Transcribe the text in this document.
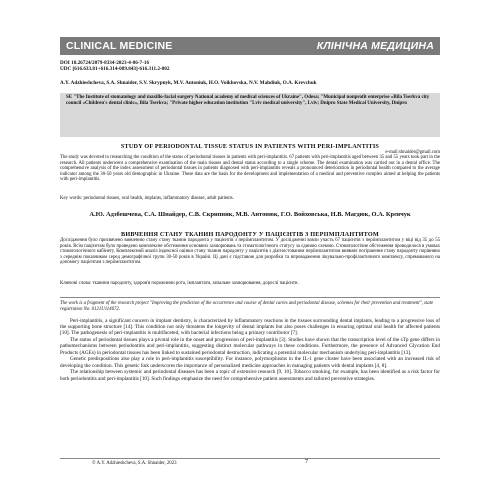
CLINICAL MEDICINE	КЛІНІЧНА МЕДИЦИНА
DOI 10.26724/2079-8334-2023-4-86-7-16
UDC [616.633.81+616.314-089.843]-616.311.2-002
A.Y. Adzhieshcheva, S.A. Shnaider, S.V. Skrypnyk, M.V. Antoniuk, H.O. Voikhovska, N.V. Mahdiuk, O.A. Krevchuk
SE "The Institute of stomatology and maxillo-facial surgery National academy of medical sciences of Ukraine", Odesa; "Municipal nonprofit enterprise «Bila Tserkva city council «Children's dental clinic», Bila Tserkva; "Private higher education institution "Lviv medical university", Lviv; Dnipro State Medical University, Dnipro
STUDY OF PERIODONTAL TISSUE STATUS IN PATIENTS WITH PERI-IMPLANTITIS
e-mail:shnaider@gmail.com
The study was devoted to researching the condition of the status of periodontal tissues in patients with peri-implantitis. 67 patients with peri-implantitis aged between 35 and 55 years took part in the research. All patients underwent a comprehensive examination of the main tissues and dental status according to a single scheme. The dental examination was carried out in a dental office. The comprehensive analysis of the index assessment of periodontal tissues in patients diagnosed with peri-implantitis reveals a pronounced deterioration in periodontal health compared to the average indicator among the 30-50 years old demographic in Ukraine. These data are the basis for the development and implementation of a medical and preventive complex aimed at helping the patients with peri-implantitis.
Key words: periodontal tissues, oral health, implants, inflammatory disease, adult patients.
А.Ю. Адзбешчева, С.А. Шнайдер, С.В. Скрипник, М.В. Антонюк, Г.О. Войховська, Н.В. Магдюк, О.А. Кревчук
ВИВЧЕННЯ СТАНУ ТКАНИН ПАРОДОНТУ У ПАЦІЄНТІВ З ПЕРІІМПЛАНТИТОМ
Дослідження було присвячено вивченню стану стану тканин пародонта у пацієнтів з періімплантитом. У дослідженні взяли участь 67 пацієнтів з періімплантитом у віці від 35 до 55 років. Всім пацієнтам було проведено комплексне обстеження основних захворювань та стоматологічного статусу за єдиною схемою. Стоматологічне обстеження проводилося в умовах стоматологічного кабінету. Комплексний аналіз індексної оцінки стану тканин пародонту у пацієнтів з діагностованим періімплантитом виявляє погіршення стану пародонту порівняно з середнім показником серед демографічної групи 30-50 років в Україні. Ці дані є підставою для розробки та впровадження лікувально-профілактичного комплексу, спрямованого на допомогу пацієнтам з періімплантитом.
Ключові слова: тканини пародонту, здоров'я порожнини рота, імплантати, запальне захворювання, дорослі пацієнти.
The work is a fragment of the research project "Improving the prediction of the occurrence and course of dental caries and periodontal disease, schemes for their prevention and treatment", state registration No. 0121U114672.

Peri-implantitis, a significant concern in implant dentistry, is characterized by inflammatory reactions in the tissues surrounding dental implants, leading to a progressive loss of the supporting bone structure [14]. This condition not only threatens the longevity of dental implants but also poses challenges in ensuring optimal oral health for affected patients [10]. The pathogenesis of peri-implantitis is multifaceted, with bacterial infections being a primary contributor [7].

The status of periodontal tissues plays a pivotal role in the onset and progression of peri-implantitis [3]. Studies have shown that the transcription level of the sTp gene differs in pathomechanisms between periodontitis and peri-implantitis, suggesting distinct molecular pathways in these conditions. Furthermore, the presence of Advanced Glycation End Products (AGEs) in periodontal tissues has been linked to sustained periodontal destruction, indicating a potential molecular mechanism underlying peri-implantitis [13].

Genetic predispositions also play a role in peri-implantitis susceptibility. For instance, polymorphisms in the IL-1 gene cluster have been associated with an increased risk of developing the condition. This genetic link underscores the importance of personalized medicine approaches in managing patients with dental implants [4, 8].

The relationship between systemic and periodontal diseases has been a topic of extensive research [9, 10]. Tobacco smoking, for example, has been identified as a risk factor for both periodontitis and peri-implantitis [10]. Such findings emphasize the need for comprehensive patient assessments and tailored preventive strategies.

© A.Y. Adzhieshcheva, S.A. Shnaider, 2023	7
